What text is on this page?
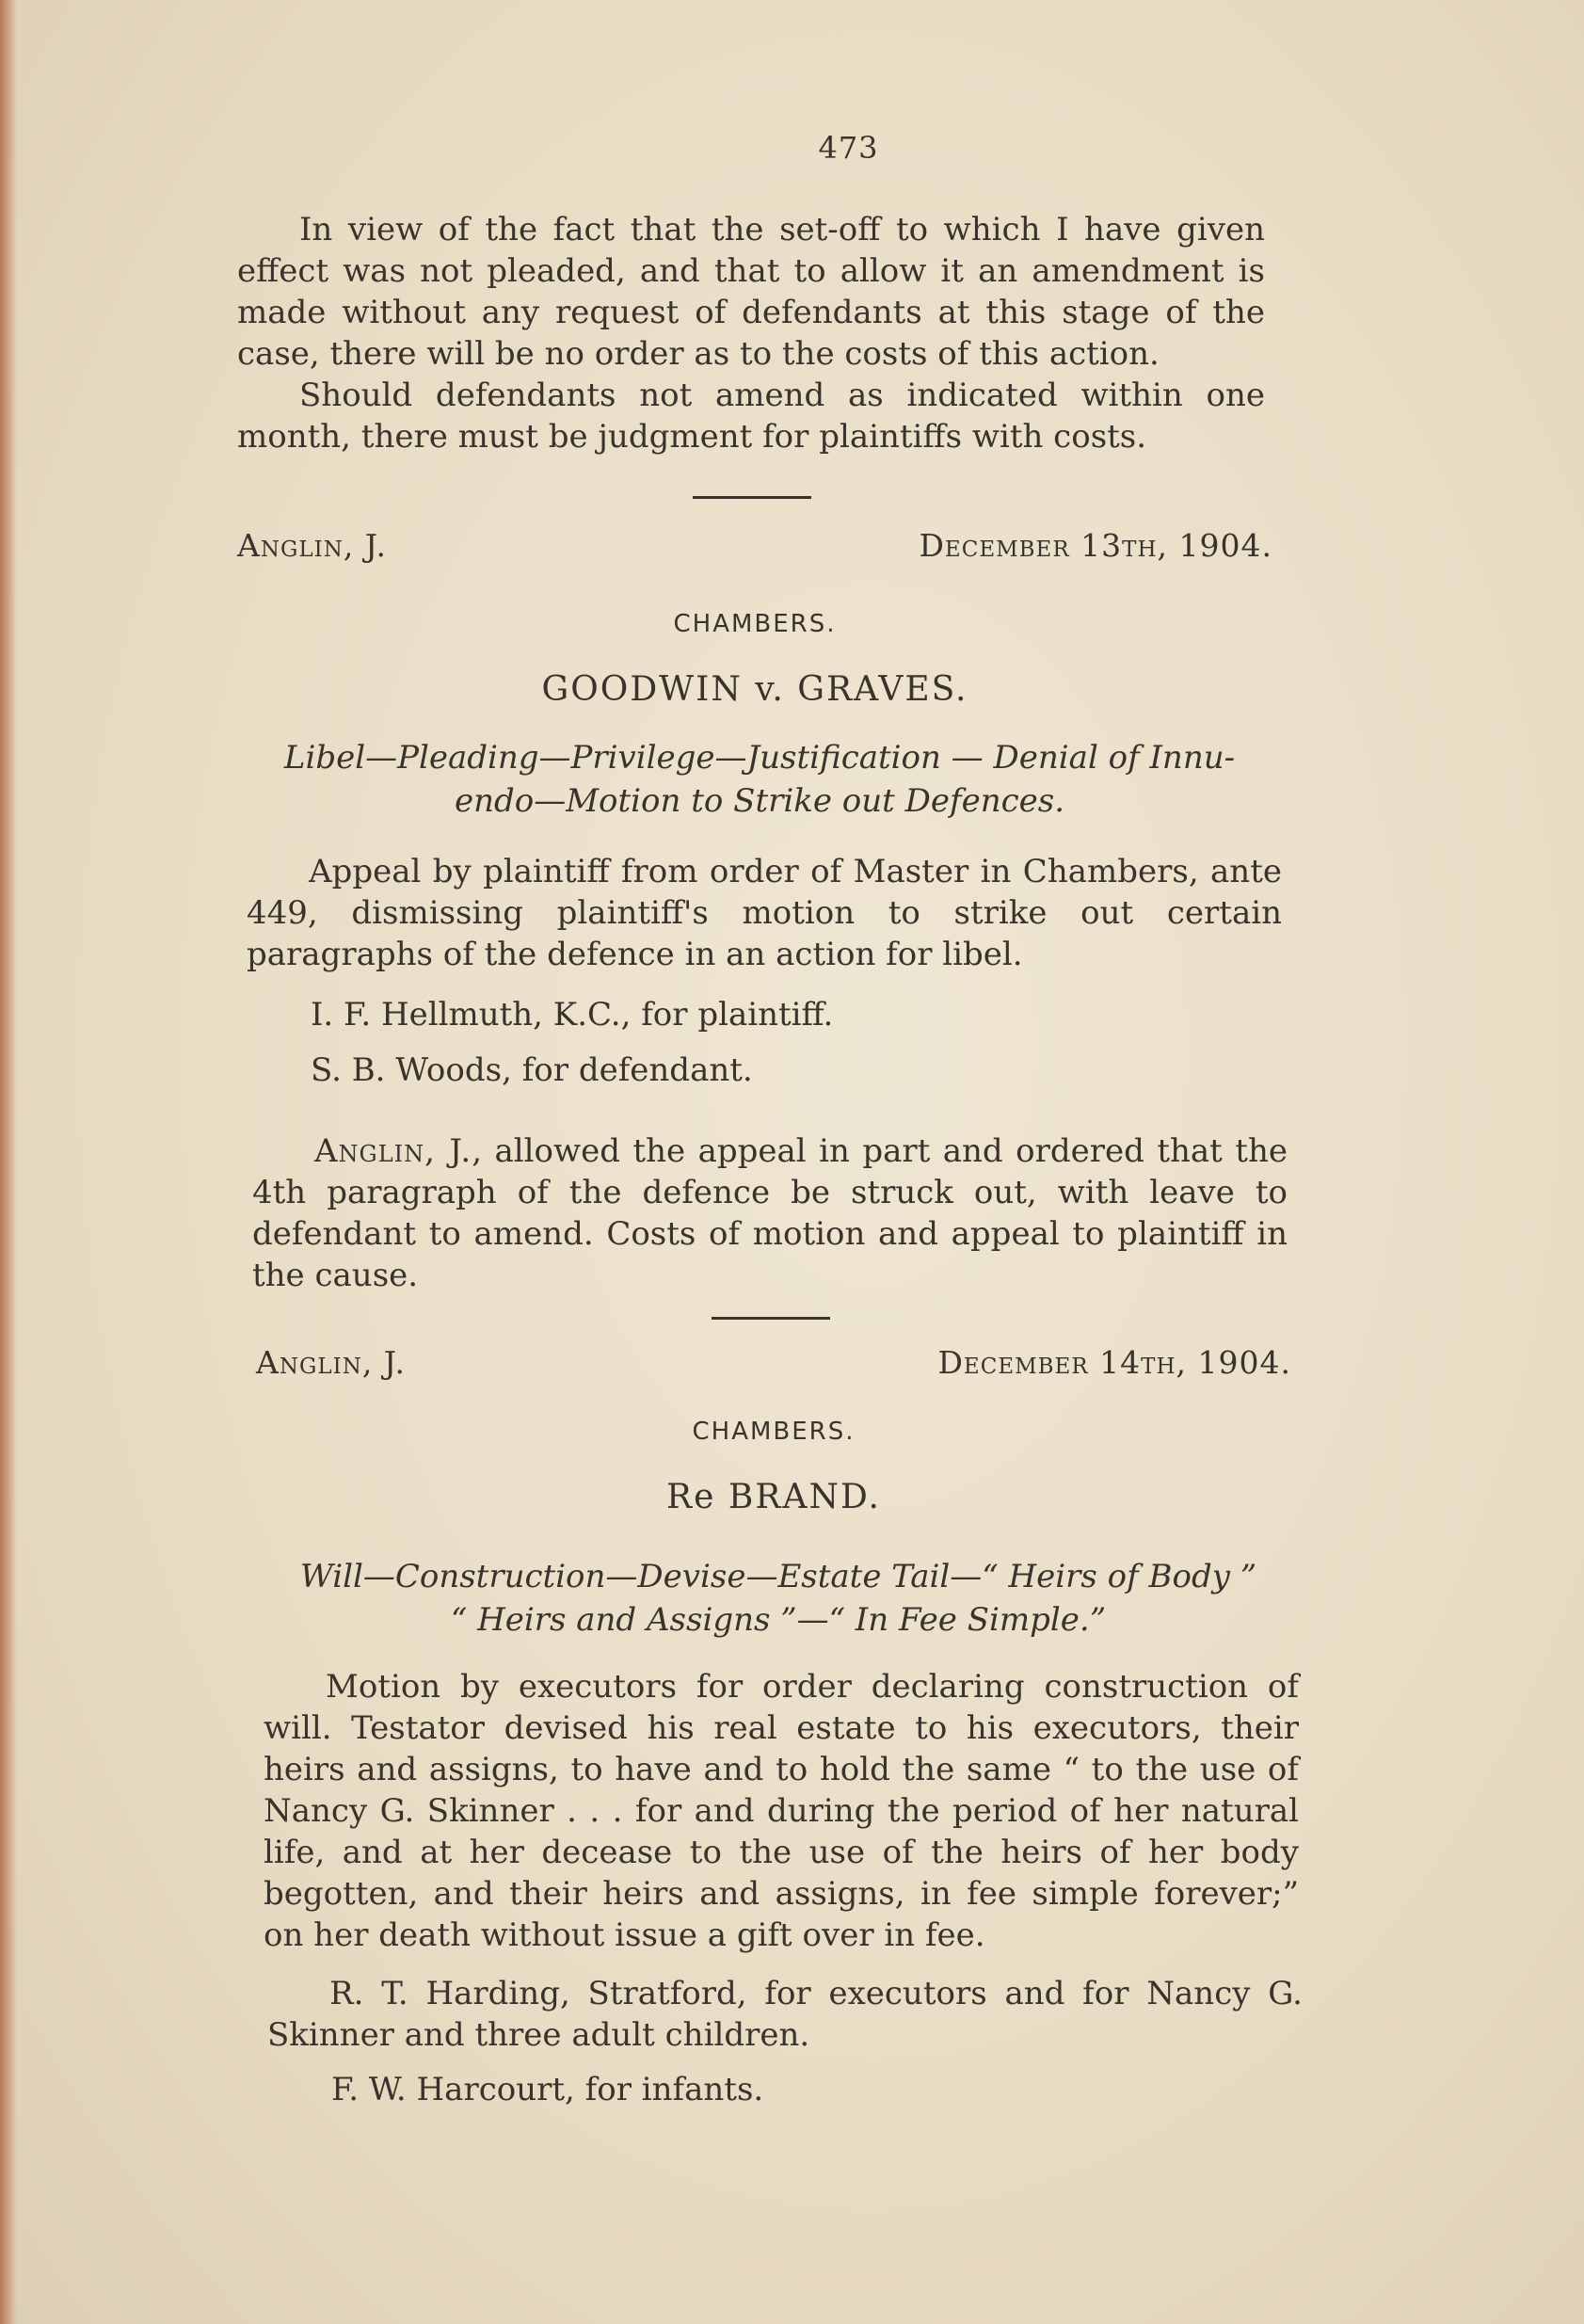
473

In view of the fact that the set-off to which I have given effect was not pleaded, and that to allow it an amendment is made without any request of defendants at this stage of the case, there will be no order as to the costs of this action.

Should defendants not amend as indicated within one month, there must be judgment for plaintiffs with costs.

Anglin, J.	December 13th, 1904.
CHAMBERS.
GOODWIN v. GRAVES.
Libel—Pleading—Privilege—Justification — Denial of Innu-
endo—Motion to Strike out Defences.
Appeal by plaintiff from order of Master in Chambers, ante 449, dismissing plaintiff's motion to strike out certain paragraphs of the defence in an action for libel.
I. F. Hellmuth, K.C., for plaintiff.
S. B. Woods, for defendant.

Anglin, J., allowed the appeal in part and ordered that the 4th paragraph of the defence be struck out, with leave to defendant to amend. Costs of motion and appeal to plaintiff in the cause.

Anglin, J.	December 14th, 1904.
CHAMBERS.
Re BRAND.
Will—Construction—Devise—Estate Tail—“ Heirs of Body ”
“ Heirs and Assigns ”—“ In Fee Simple.”
Motion by executors for order declaring construction of will. Testator devised his real estate to his executors, their heirs and assigns, to have and to hold the same “ to the use of Nancy G. Skinner . . . for and during the period of her natural life, and at her decease to the use of the heirs of her body begotten, and their heirs and assigns, in fee simple forever;” on her death without issue a gift over in fee.
R. T. Harding, Stratford, for executors and for Nancy G. Skinner and three adult children.
F. W. Harcourt, for infants.
